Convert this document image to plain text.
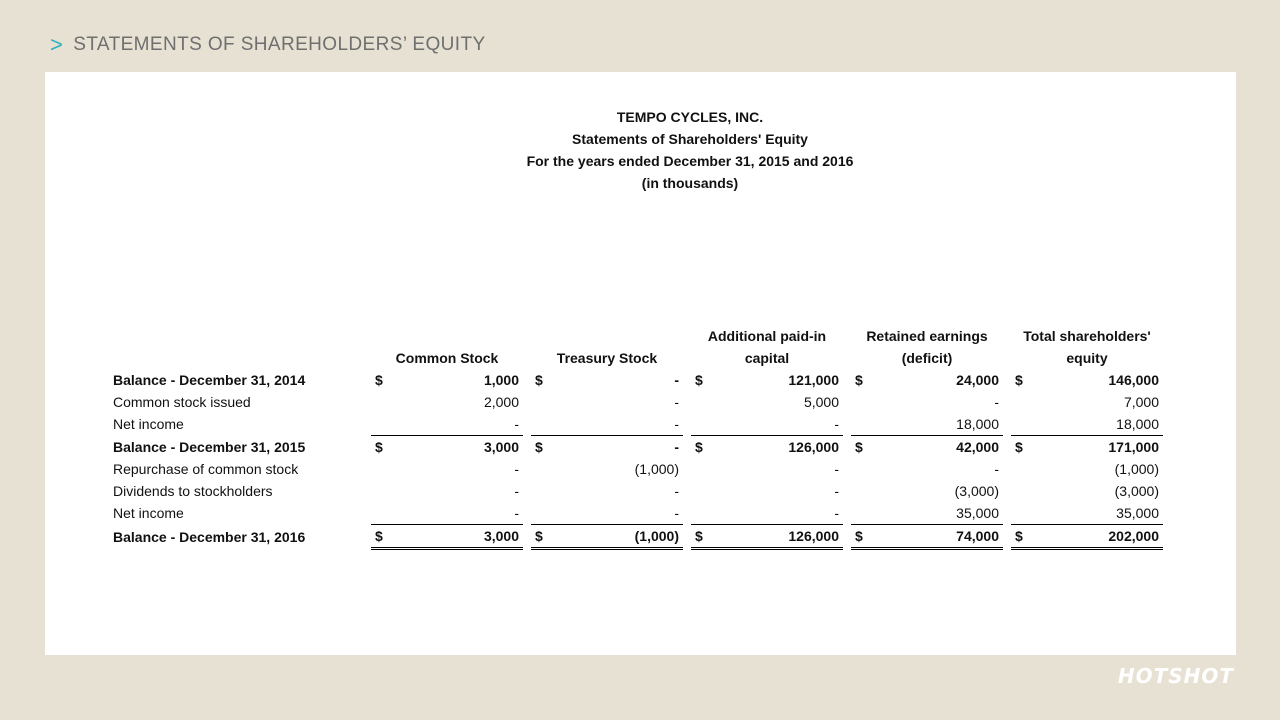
> STATEMENTS OF SHAREHOLDERS’ EQUITY
TEMPO CYCLES, INC.
Statements of Shareholders' Equity
For the years ended December 31, 2015 and 2016
(in thousands)
								Additional paid-in			Retained earnings			Total shareholders'	
		Common Stock			Treasury Stock			capital			(deficit)			equity	
Balance - December 31, 2014		$	1,000		$	-		$	121,000		$	24,000		$	146,000
Common stock issued			2,000			-			5,000			-			7,000
Net income			-			-			-			18,000			18,000
Balance - December 31, 2015		$	3,000		$	-		$	126,000		$	42,000		$	171,000
Repurchase of common stock			-			(1,000)			-			-			(1,000)
Dividends to stockholders			-			-			-			(3,000)			(3,000)
Net income			-			-			-			35,000			35,000
Balance - December 31, 2016		$	3,000		$	(1,000)		$	126,000		$	74,000		$	202,000
HOTSHOT
